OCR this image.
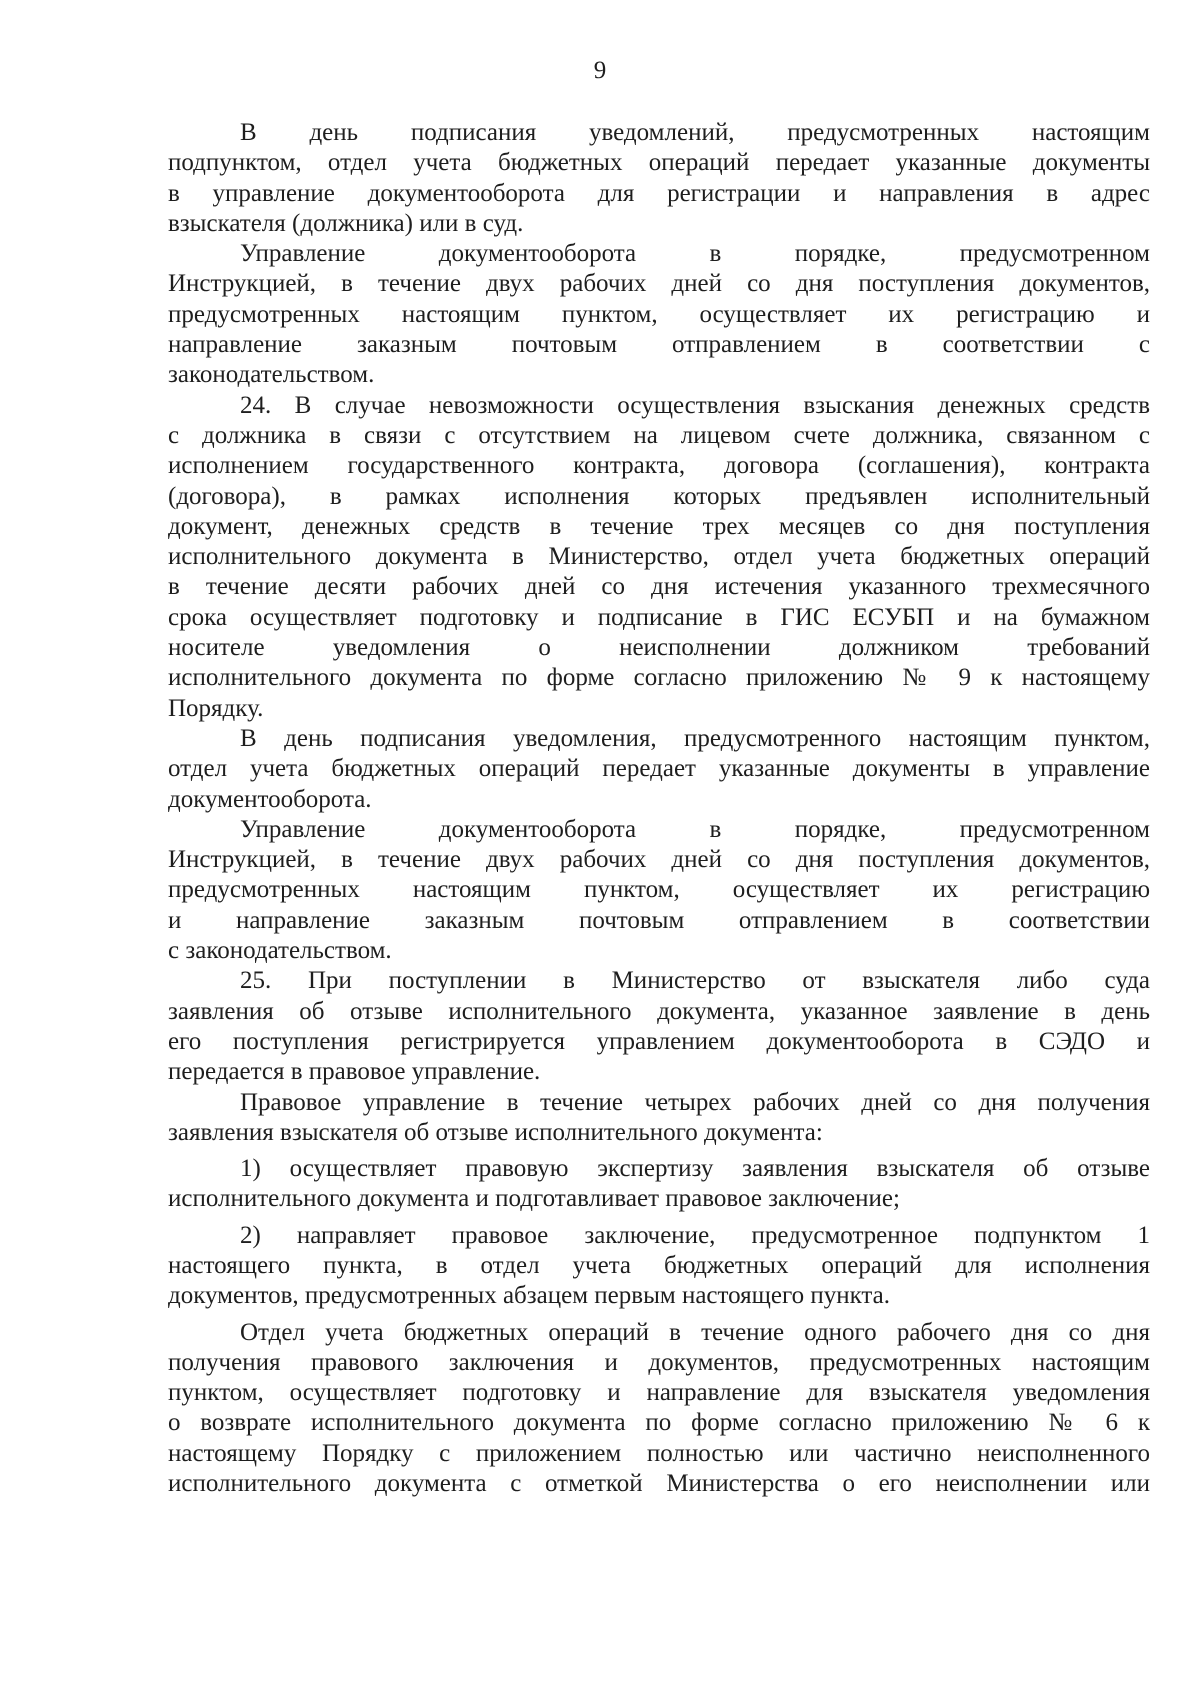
9
В день подписания уведомлений, предусмотренных настоящим
подпунктом, отдел учета бюджетных операций передает указанные документы
в управление документооборота для регистрации и направления в адрес
взыскателя (должника) или в суд.
Управление документооборота в порядке, предусмотренном
Инструкцией, в течение двух рабочих дней со дня поступления документов,
предусмотренных настоящим пунктом, осуществляет их регистрацию и
направление заказным почтовым отправлением в соответствии с
законодательством.
24. В случае невозможности осуществления взыскания денежных средств
с должника в связи с отсутствием на лицевом счете должника, связанном с
исполнением государственного контракта, договора (соглашения), контракта
(договора), в рамках исполнения которых предъявлен исполнительный
документ, денежных средств в течение трех месяцев со дня поступления
исполнительного документа в Министерство, отдел учета бюджетных операций
в течение десяти рабочих дней со дня истечения указанного трехмесячного
срока осуществляет подготовку и подписание в ГИС ЕСУБП и на бумажном
носителе уведомления о неисполнении должником требований
исполнительного документа по форме согласно приложению № 9 к настоящему
Порядку.
В день подписания уведомления, предусмотренного настоящим пунктом,
отдел учета бюджетных операций передает указанные документы в управление
документооборота.
Управление документооборота в порядке, предусмотренном
Инструкцией, в течение двух рабочих дней со дня поступления документов,
предусмотренных настоящим пунктом, осуществляет их регистрацию
и направление заказным почтовым отправлением в соответствии
с законодательством.
25. При поступлении в Министерство от взыскателя либо суда
заявления об отзыве исполнительного документа, указанное заявление в день
его поступления регистрируется управлением документооборота в СЭДО и
передается в правовое управление.
Правовое управление в течение четырех рабочих дней со дня получения
заявления взыскателя об отзыве исполнительного документа:
1) осуществляет правовую экспертизу заявления взыскателя об отзыве
исполнительного документа и подготавливает правовое заключение;
2) направляет правовое заключение, предусмотренное подпунктом 1
настоящего пункта, в отдел учета бюджетных операций для исполнения
документов, предусмотренных абзацем первым настоящего пункта.
Отдел учета бюджетных операций в течение одного рабочего дня со дня
получения правового заключения и документов, предусмотренных настоящим
пунктом, осуществляет подготовку и направление для взыскателя уведомления
о возврате исполнительного документа по форме согласно приложению № 6 к
настоящему Порядку с приложением полностью или частично неисполненного
исполнительного документа с отметкой Министерства о его неисполнении или
